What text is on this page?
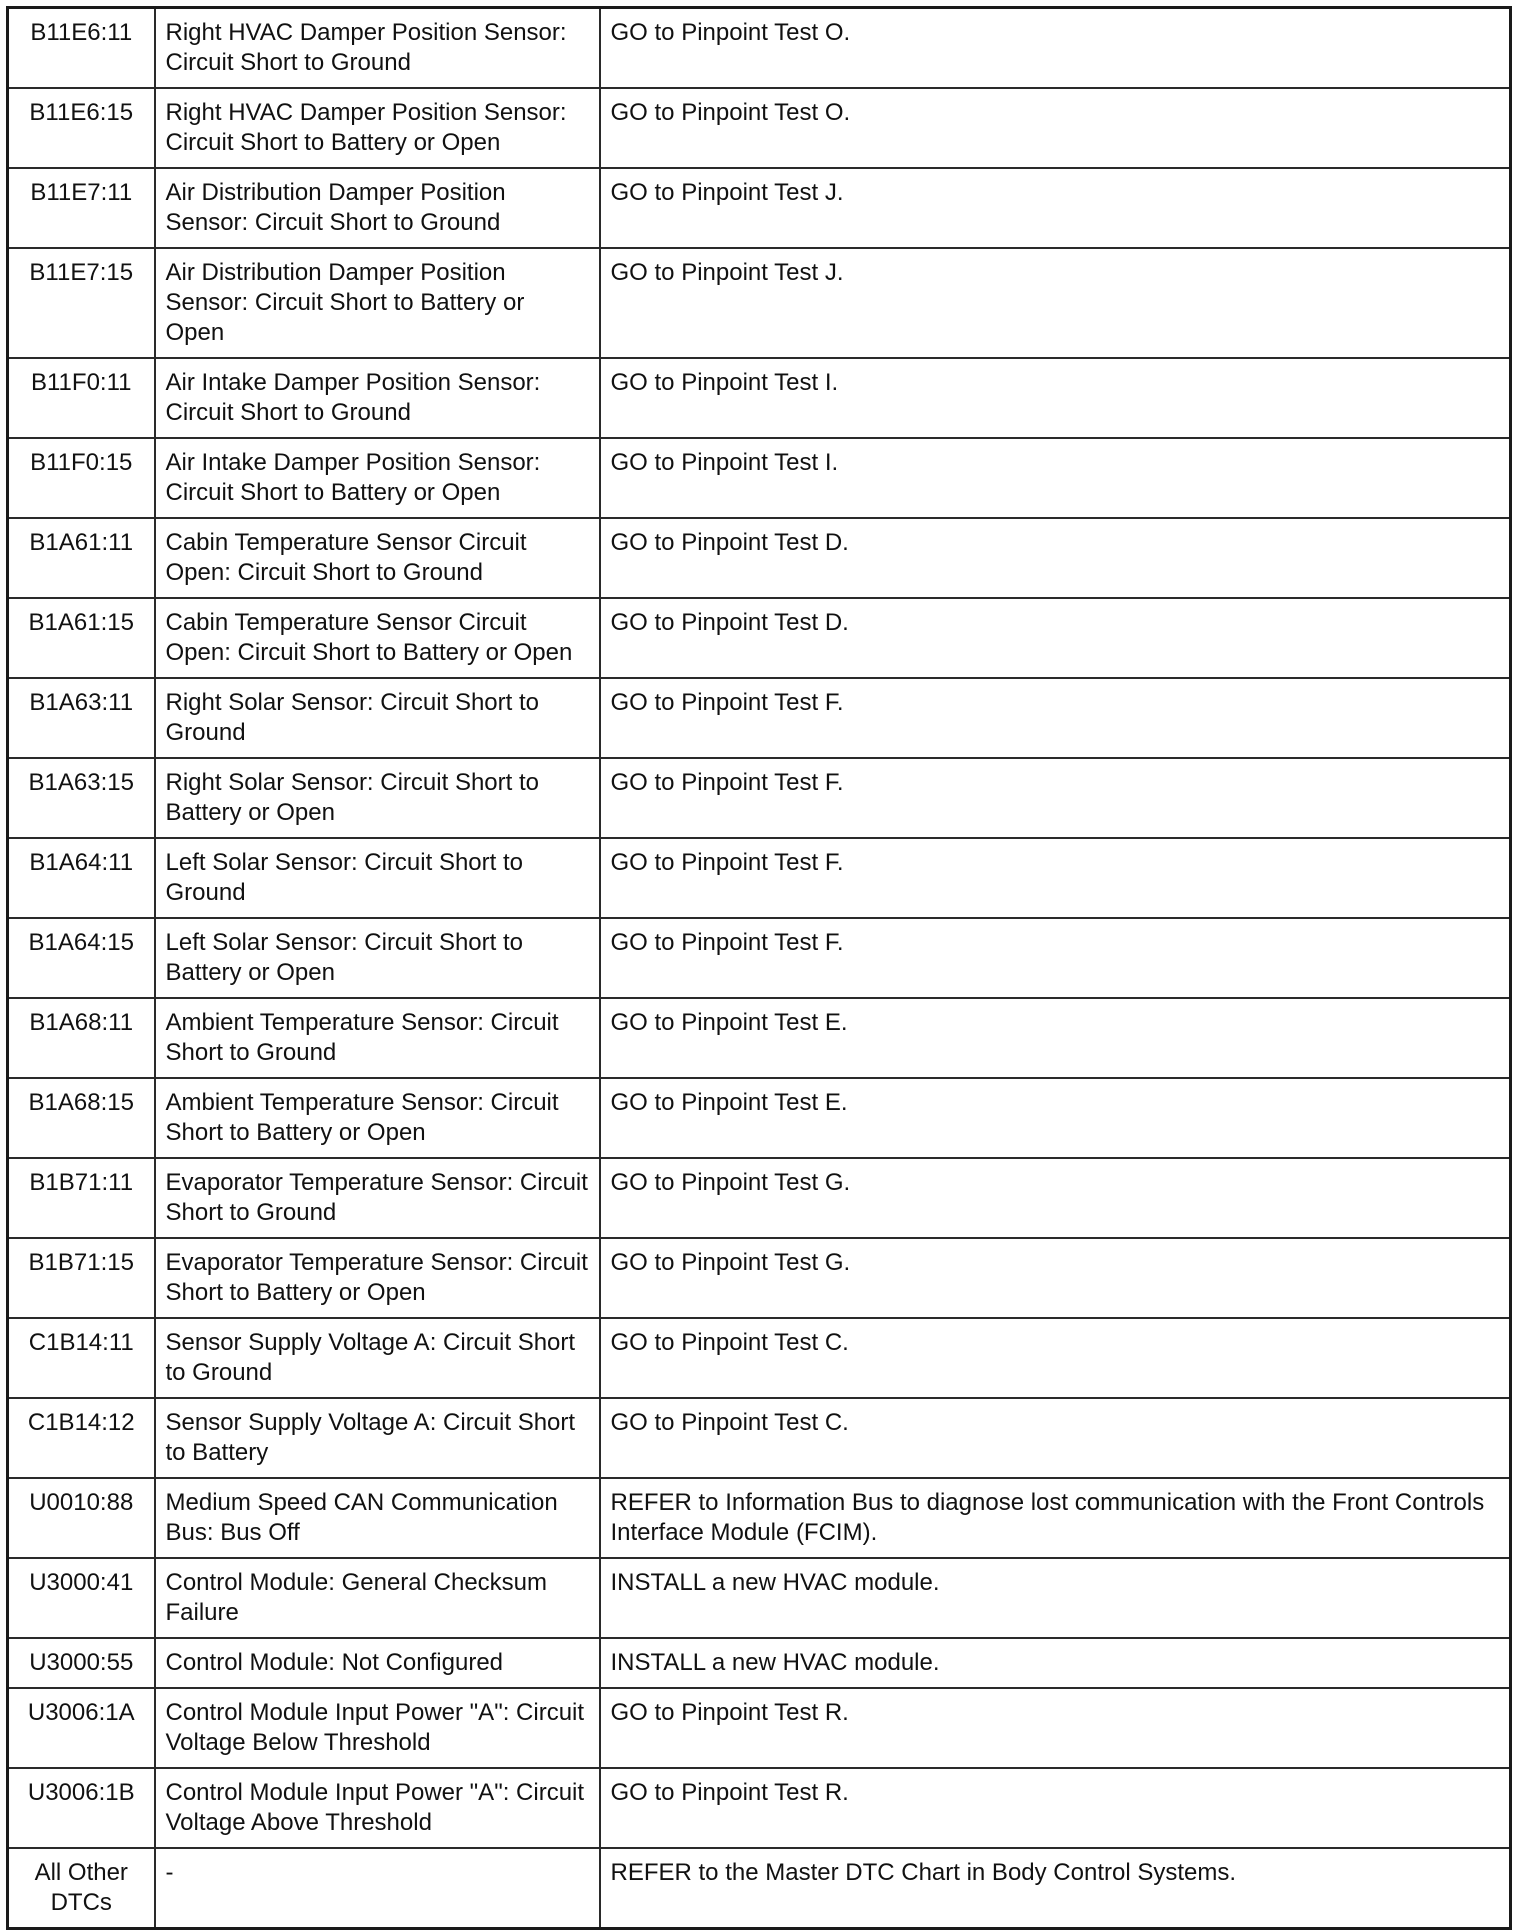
B11E6:11	Right HVAC Damper Position Sensor: Circuit Short to Ground	GO to Pinpoint Test O.
B11E6:15	Right HVAC Damper Position Sensor: Circuit Short to Battery or Open	GO to Pinpoint Test O.
B11E7:11	Air Distribution Damper Position Sensor: Circuit Short to Ground	GO to Pinpoint Test J.
B11E7:15	Air Distribution Damper Position Sensor: Circuit Short to Battery or Open	GO to Pinpoint Test J.
B11F0:11	Air Intake Damper Position Sensor: Circuit Short to Ground	GO to Pinpoint Test I.
B11F0:15	Air Intake Damper Position Sensor: Circuit Short to Battery or Open	GO to Pinpoint Test I.
B1A61:11	Cabin Temperature Sensor Circuit Open: Circuit Short to Ground	GO to Pinpoint Test D.
B1A61:15	Cabin Temperature Sensor Circuit Open: Circuit Short to Battery or Open	GO to Pinpoint Test D.
B1A63:11	Right Solar Sensor: Circuit Short to Ground	GO to Pinpoint Test F.
B1A63:15	Right Solar Sensor: Circuit Short to Battery or Open	GO to Pinpoint Test F.
B1A64:11	Left Solar Sensor: Circuit Short to Ground	GO to Pinpoint Test F.
B1A64:15	Left Solar Sensor: Circuit Short to Battery or Open	GO to Pinpoint Test F.
B1A68:11	Ambient Temperature Sensor: Circuit Short to Ground	GO to Pinpoint Test E.
B1A68:15	Ambient Temperature Sensor: Circuit Short to Battery or Open	GO to Pinpoint Test E.
B1B71:11	Evaporator Temperature Sensor: Circuit Short to Ground	GO to Pinpoint Test G.
B1B71:15	Evaporator Temperature Sensor: Circuit Short to Battery or Open	GO to Pinpoint Test G.
C1B14:11	Sensor Supply Voltage A: Circuit Short to Ground	GO to Pinpoint Test C.
C1B14:12	Sensor Supply Voltage A: Circuit Short to Battery	GO to Pinpoint Test C.
U0010:88	Medium Speed CAN Communication Bus: Bus Off	REFER to Information Bus to diagnose lost communication with the Front Controls Interface Module (FCIM).
U3000:41	Control Module: General Checksum Failure	INSTALL a new HVAC module.
U3000:55	Control Module: Not Configured	INSTALL a new HVAC module.
U3006:1A	Control Module Input Power "A": Circuit Voltage Below Threshold	GO to Pinpoint Test R.
U3006:1B	Control Module Input Power "A": Circuit Voltage Above Threshold	GO to Pinpoint Test R.
All Other DTCs	-	REFER to the Master DTC Chart in Body Control Systems.
